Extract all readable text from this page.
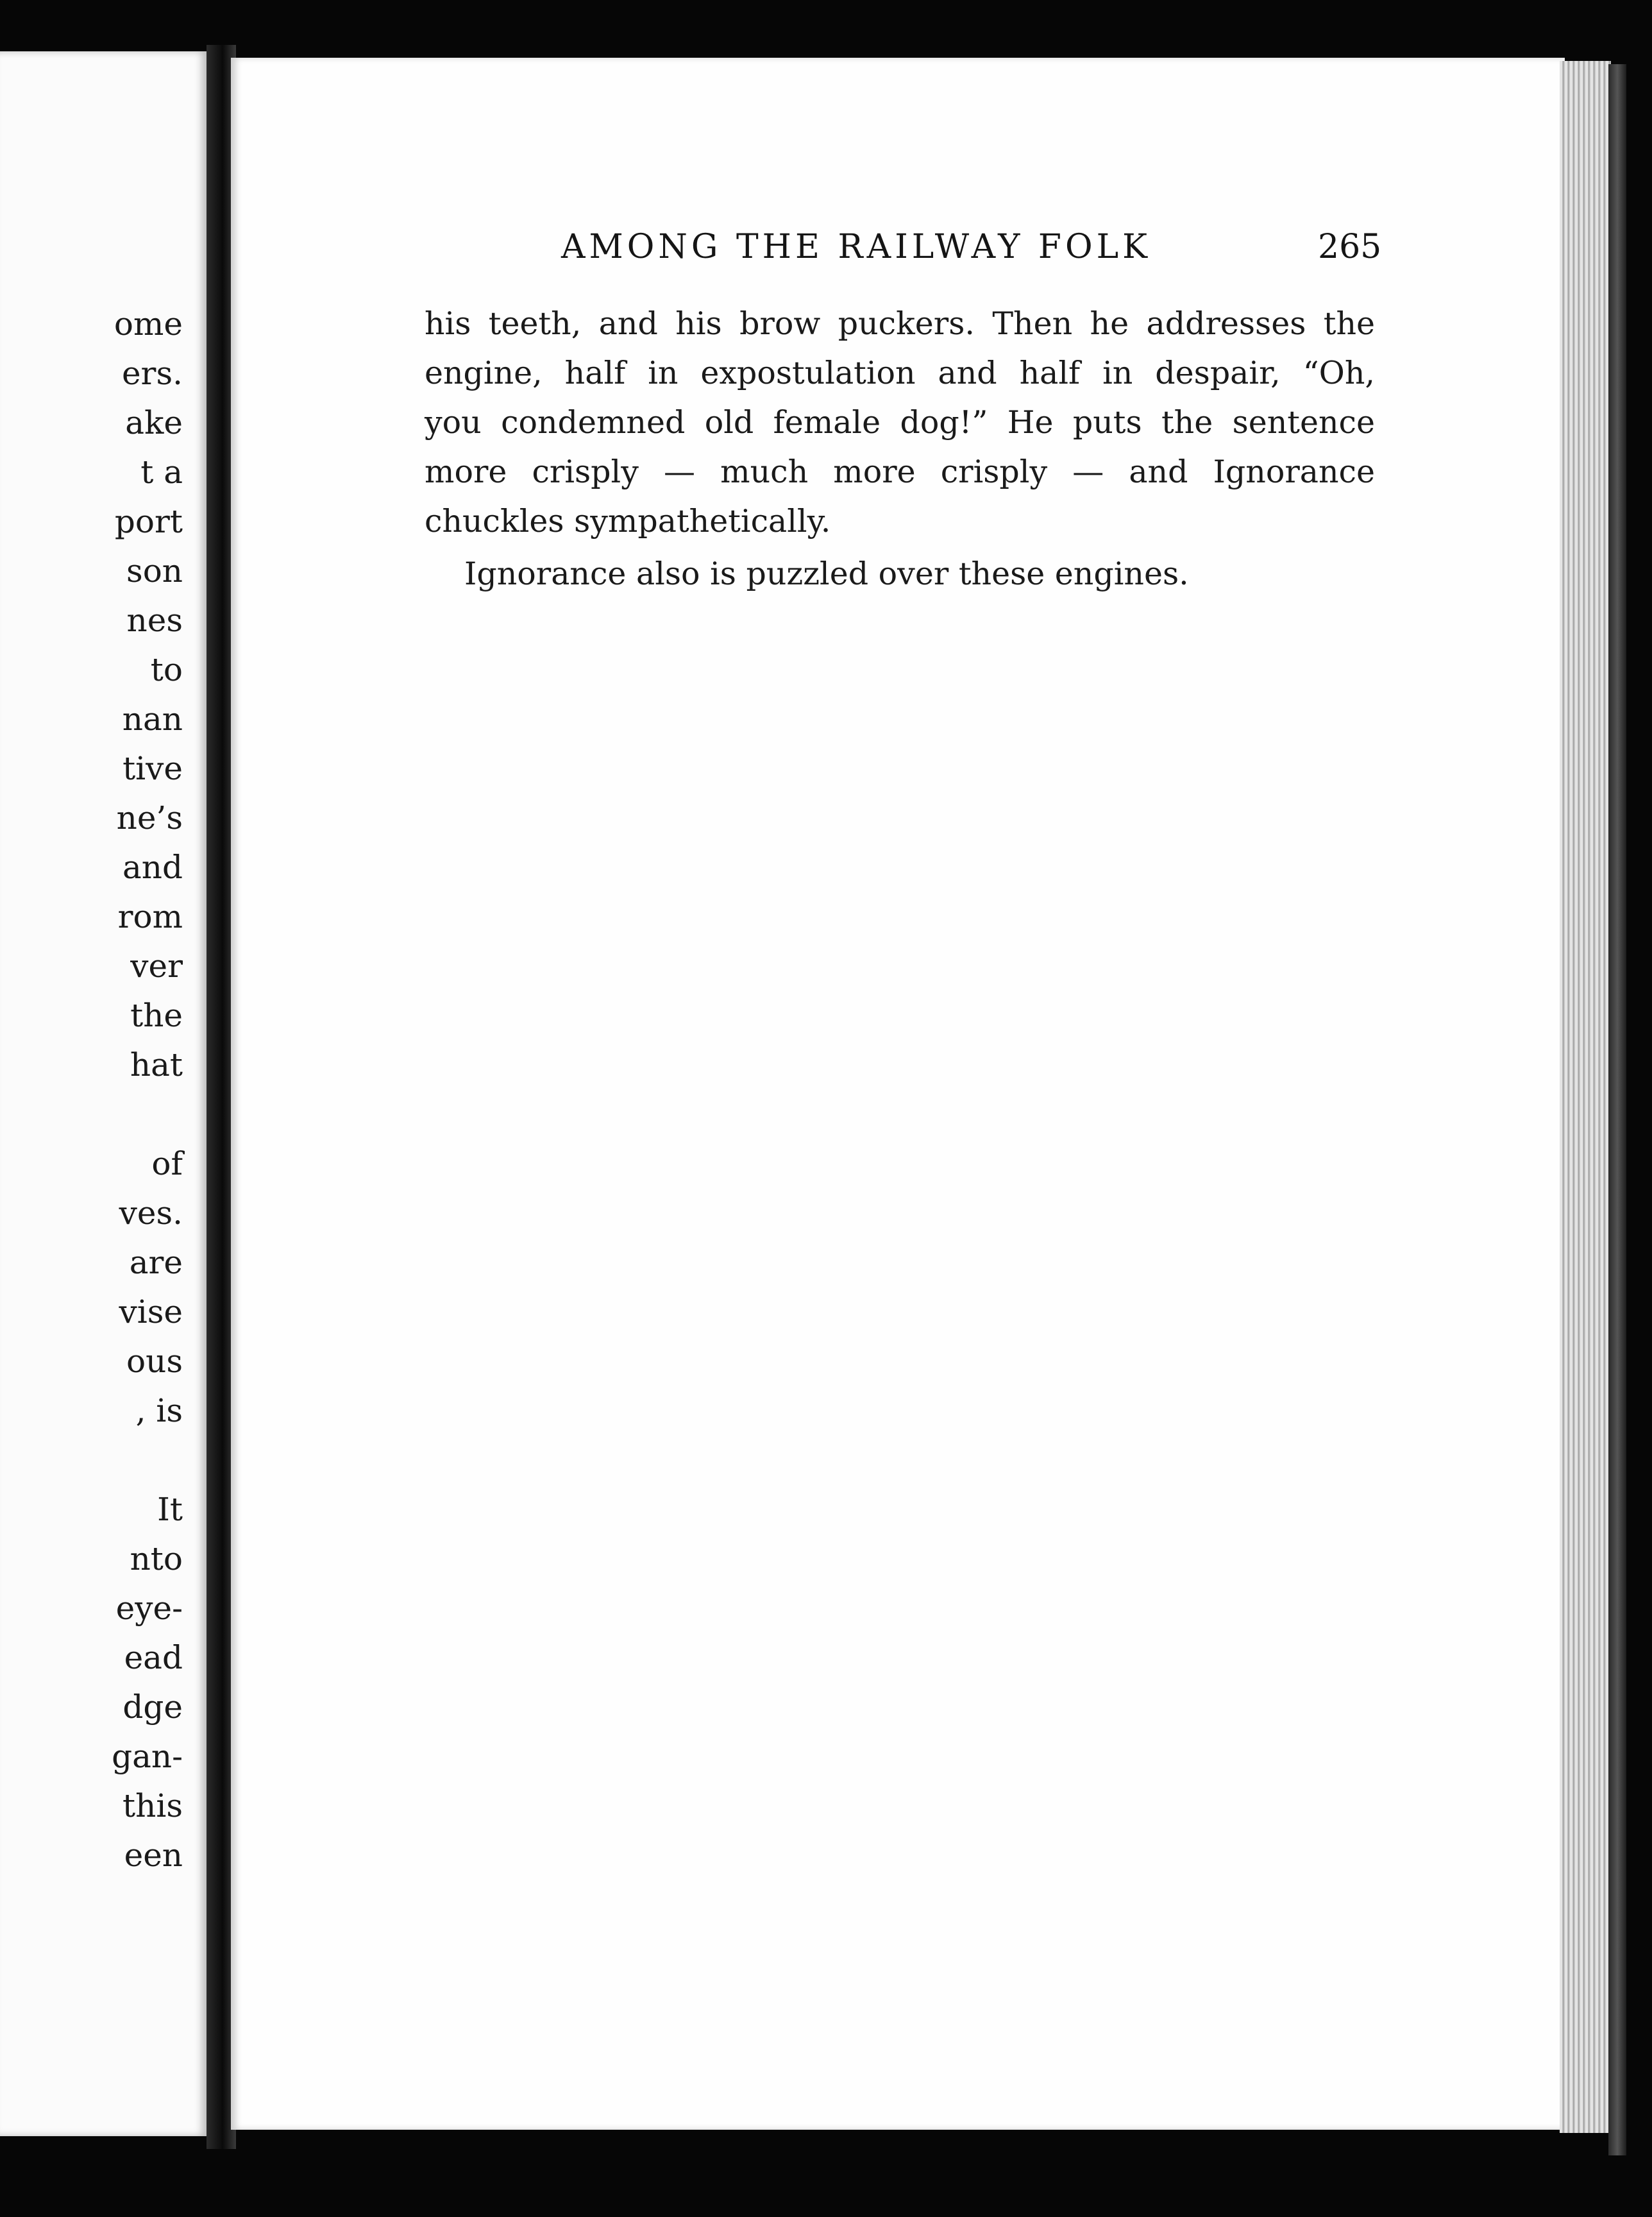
ome
ers.
ake
t a
port
son
nes
to
nan
tive
ne’s
and
rom
ver
the
hat
of
ves.
are
vise
ous
, is
It
nto
eye-
ead
dge
gan-
this
een
AMONG THE RAILWAY FOLK	265
his teeth, and his brow puckers. Then he addresses the
engine, half in expostulation and half in despair, “Oh,
you condemned old female dog!” He puts the sentence
more crisply — much more crisply — and Ignorance
chuckles sympathetically.
Ignorance also is puzzled over these engines.
